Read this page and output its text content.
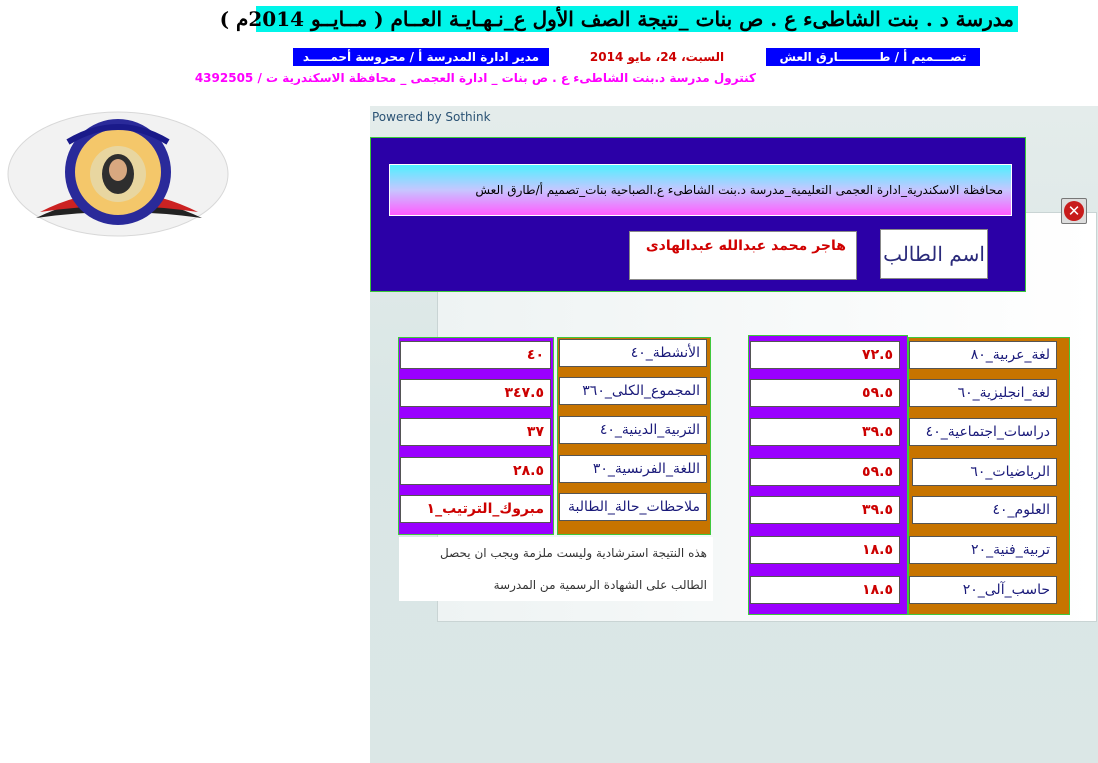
مدرسة د . بنت الشاطىء ع . ص بنات _نتيجة الصف الأول ع_نـهـايـة العــام ( مــايــو 2014م )
تصــــميم أ / طــــــــــارق العش
السبت، 24، مايو 2014
مدير ادارة المدرسة أ / محروسة أحمـــــد
كنترول مدرسة د.بنت الشاطىء ع . ص بنات _ ادارة العجمى _ محافظة الاسكندرية ت / 4392505
Powered by Sothink
✕
محافظة الاسكندرية_ادارة العجمى التعليمية_مدرسة د.بنت الشاطىء ع.الصباحية بنات_تصميم أ/طارق العش
اسم الطالب
هاجر محمد عبدالله عبدالهادى
لغة_عربية_٨٠
٧٢.٥
لغة_انجليزية_٦٠
٥٩.٥
دراسات_اجتماعية_٤٠
٣٩.٥
الرياضيات_٦٠
٥٩.٥
العلوم_٤٠
٣٩.٥
تربية_فنية_٢٠
١٨.٥
حاسب_آلى_٢٠
١٨.٥
الأنشطة_٤٠
٤٠
المجموع_الكلى_٣٦٠
٣٤٧.٥
التربية_الدينية_٤٠
٣٧
اللغة_الفرنسية_٣٠
٢٨.٥
ملاحظات_حالة_الطالبة
مبروك_الترتيب_١
هذه النتيجة استرشادية وليست ملزمة ويجب ان يحصل
الطالب على الشهادة الرسمية من المدرسة
